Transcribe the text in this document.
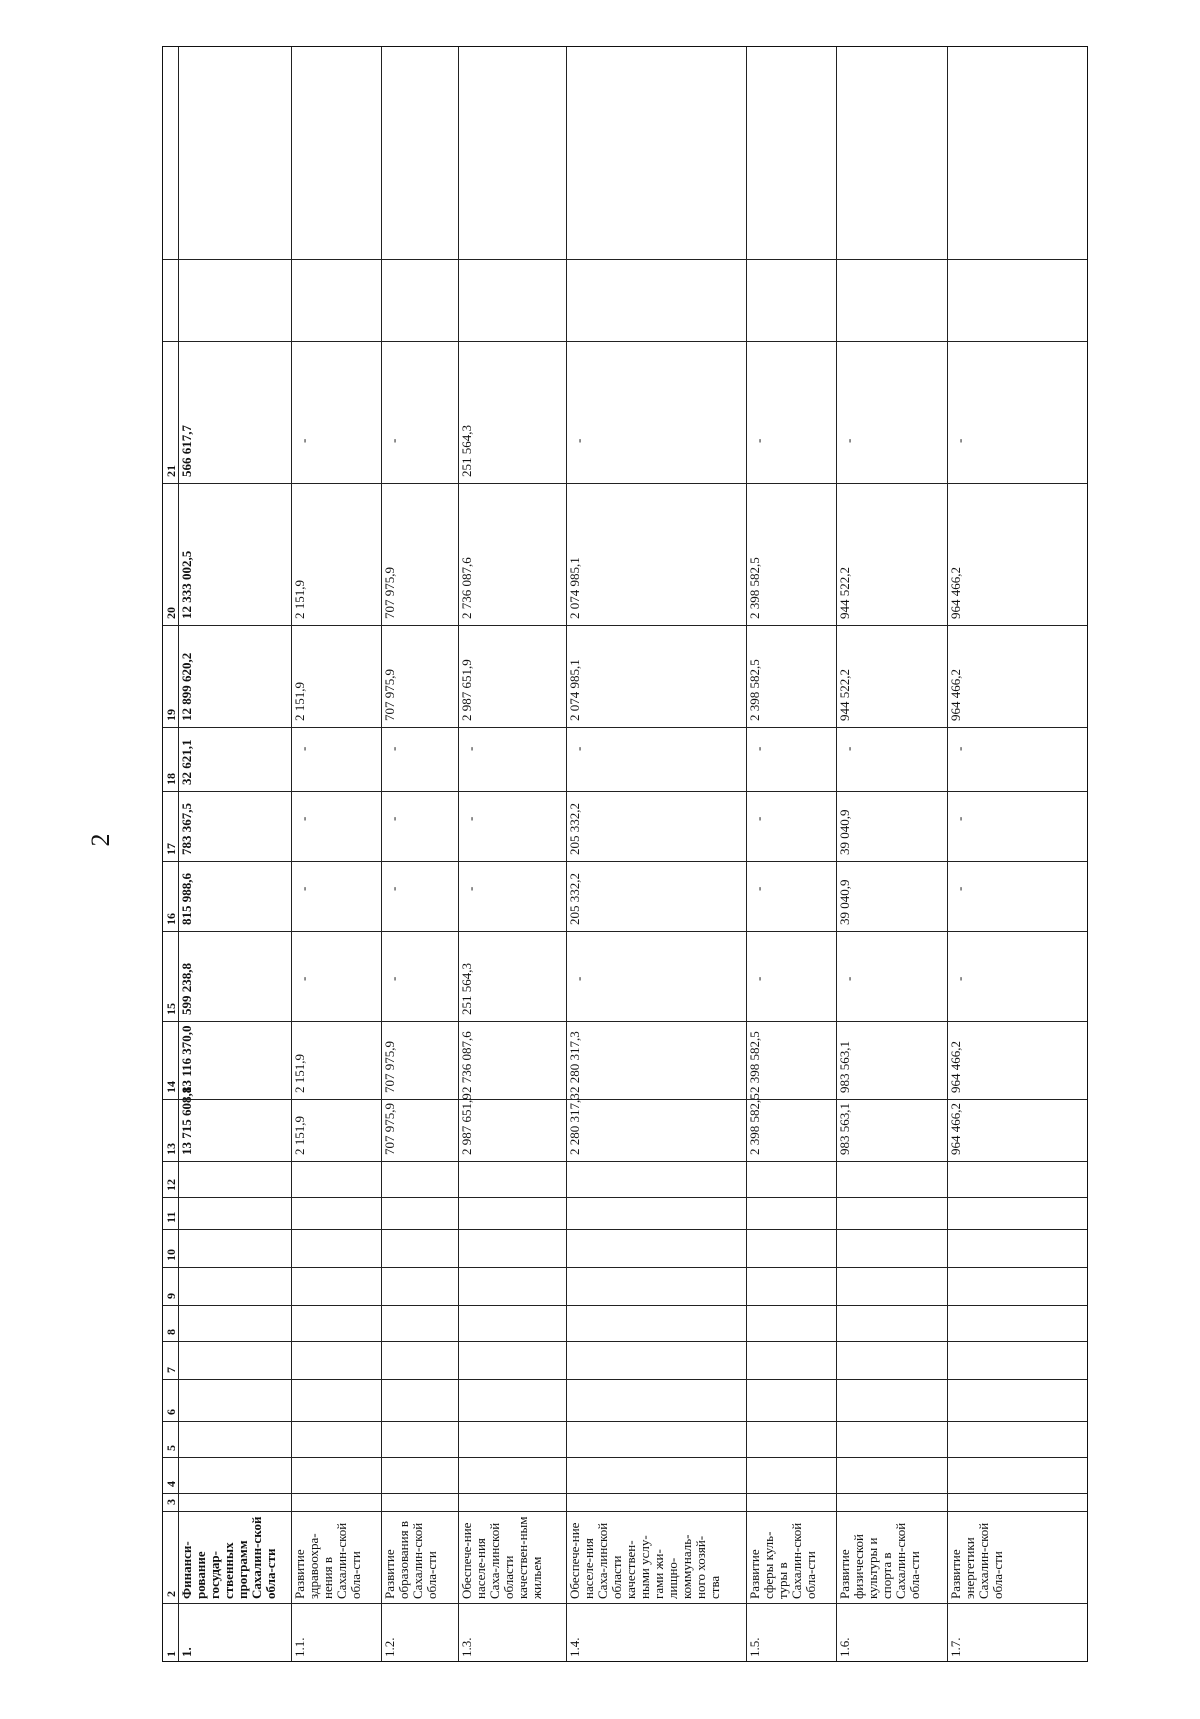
2
1
2
3
4
5
6
7
8
9
10
11
12
13
14
15
16
17
18
19
20
21
1.
Финанси-рование государ-ственных программ Сахалин-ской обла-сти
13 715 608,8
13 116 370,0
599 238,8
815 988,6
783 367,5
32 621,1
12 899 620,2
12 333 002,5
566 617,7
1.1.
Развитие здравоохра-нения в Сахалин-ской обла-сти
2 151,9
2 151,9
-
-
-
-
2 151,9
2 151,9
-
1.2.
Развитие образования в Сахалин-ской обла-сти
707 975,9
707 975,9
-
-
-
-
707 975,9
707 975,9
-
1.3.
Обеспече-ние населе-ния Саха-линской области качествен-ным жильем
2 987 651,9
2 736 087,6
251 564,3
-
-
-
2 987 651,9
2 736 087,6
251 564,3
1.4.
Обеспече-ние населе-ния Саха-линской области качествен-ными услу-гами жи-лищно-коммуналь-ного хозяй-ства
2 280 317,3
2 280 317,3
-
205 332,2
205 332,2
-
2 074 985,1
2 074 985,1
-
1.5.
Развитие сферы куль-туры в Сахалин-ской обла-сти
2 398 582,5
2 398 582,5
-
-
-
-
2 398 582,5
2 398 582,5
-
1.6.
Развитие физической культуры и спорта в Сахалин-ской обла-сти
983 563,1
983 563,1
-
39 040,9
39 040,9
-
944 522,2
944 522,2
-
1.7.
Развитие энергетики Сахалин-ской обла-сти
964 466,2
964 466,2
-
-
-
-
964 466,2
964 466,2
-
